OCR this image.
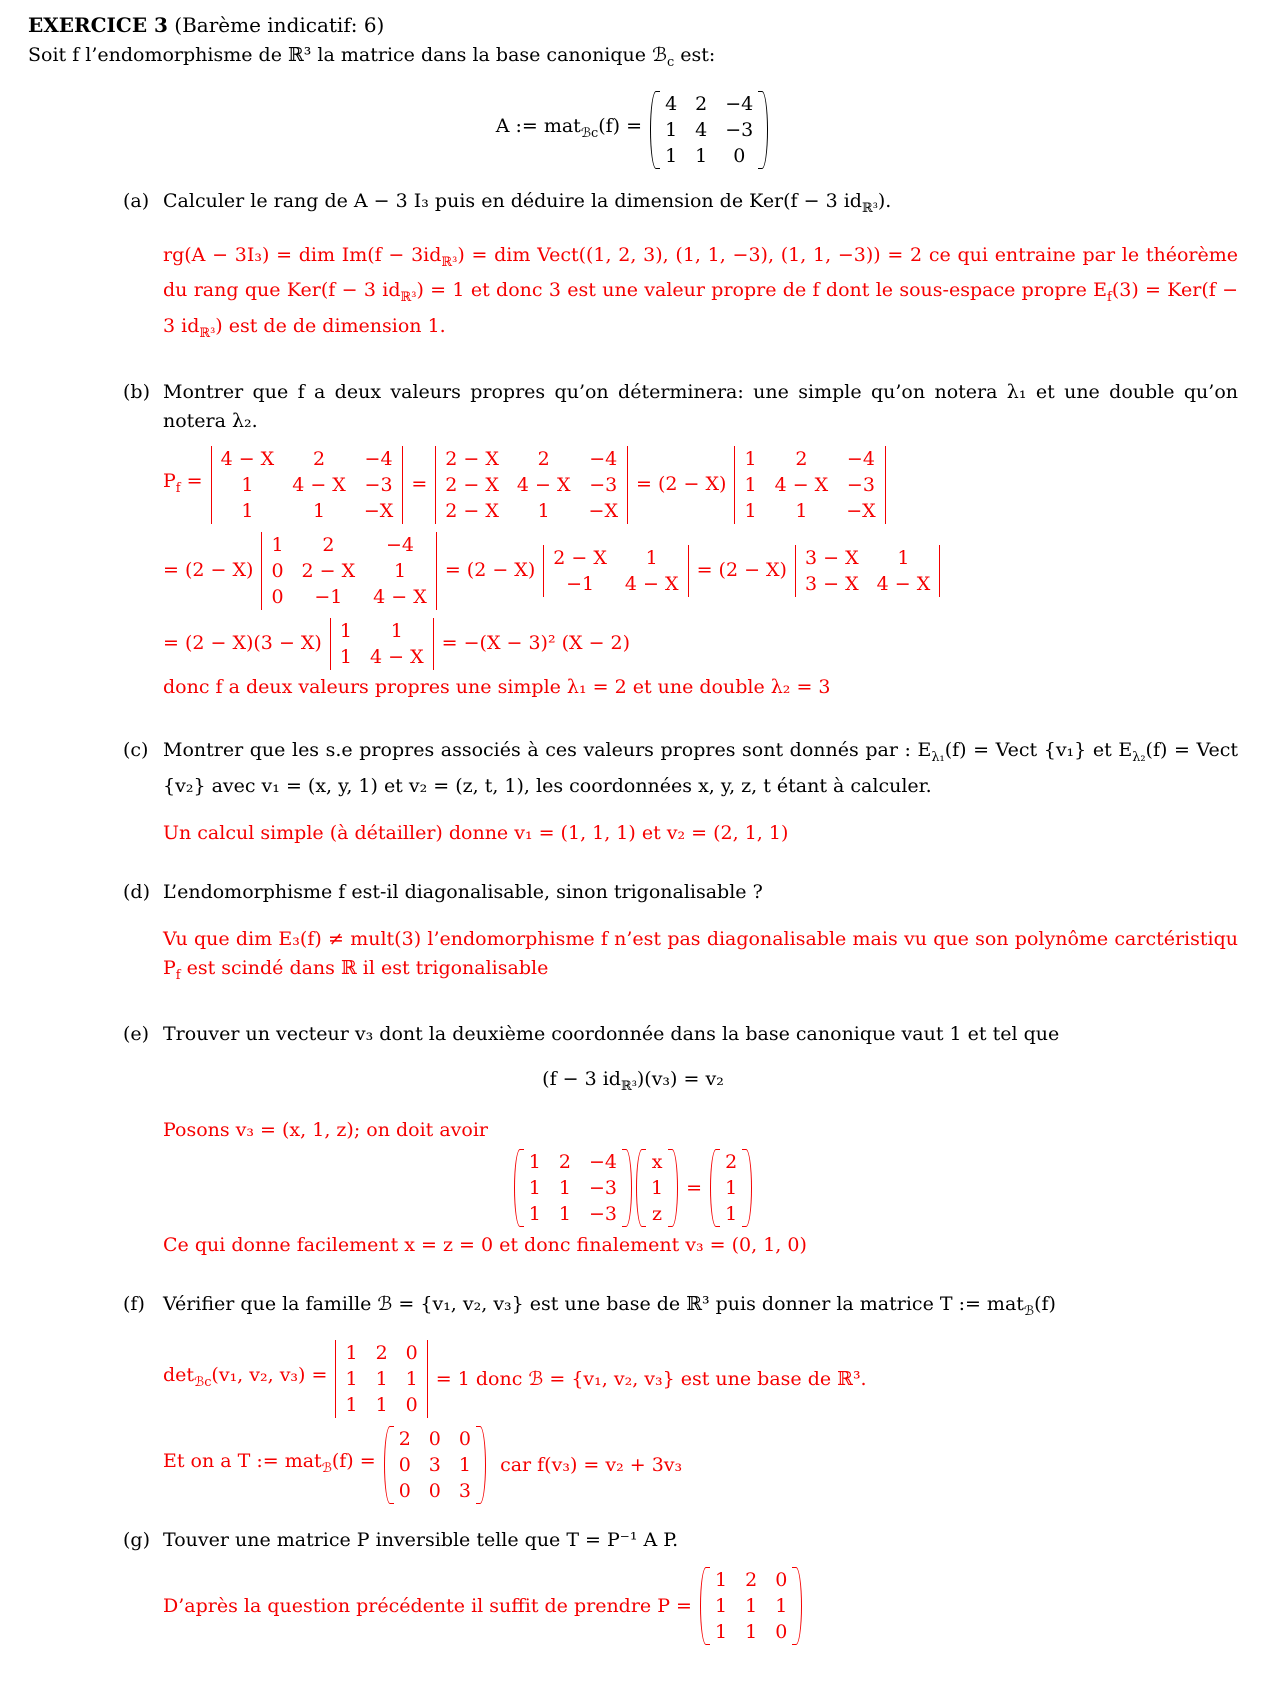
EXERCICE 3 (Barème indicatif: 6)

Soit f l’endomorphisme de ℝ³ la matrice dans la base canonique ℬ$_c$ est:

A := mat$_{ℬc}$(f) =
4	2	−4
1	4	−3
1	1	0
(a) Calculer le rang de A − 3 I₃ puis en déduire la dimension de Ker(f − 3 $id_{ℝ^3}$).

rg(A − 3I₃) = dim $Im(f - 3id_{ℝ^3})$ = dim Vect((1, 2, 3), (1, 1, −3), (1, 1, −3)) = 2 ce qui entraine par le théorème du rang que Ker(f − 3 $id_{ℝ^3}) = 1$ et donc 3 est une valeur propre de f dont le sous-espace propre $E_f(3) = Ker(f - 3$ $id_{ℝ^3}$) est de de dimension 1.

(b) Montrer que f a deux valeurs propres qu’on déterminera: une simple qu’on notera λ₁ et une double qu’on notera λ₂.
$P_f$ =
4 − X	2	−4
1	4 − X	−3
1	1	−X
=
2 − X	2	−4
2 − X	4 − X	−3
2 − X	1	−X
= (2 − X)
1	2	−4
1	4 − X	−3
1	1	−X
= (2 − X)
1	2	−4
0	2 − X	1
0	−1	4 − X
= (2 − X)
2 − X	1
−1	4 − X
= (2 − X)
3 − X	1
3 − X	4 − X
= (2 − X)(3 − X)
1	1
1	4 − X
= −(X − 3)² (X − 2)

donc f a deux valeurs propres une simple λ₁ = 2 et une double λ₂ = 3

(c) Montrer que les s.e propres associés à ces valeurs propres sont donnés par : $E_{\lambda_1}(f)$ = Vect {v₁} et $E_{\lambda_2}(f)$ = Vect {v₂} avec v₁ = (x, y, 1) et v₂ = (z, t, 1), les coordonnées x, y, z, t étant à calculer.

Un calcul simple (à détailler) donne v₁ = (1, 1, 1) et v₂ = (2, 1, 1)

(d) L’endomorphisme f est-il diagonalisable, sinon trigonalisable ?

Vu que dim E₃(f) ≠ mult(3) l’endomorphisme f n’est pas diagonalisable mais vu que son polynôme carctéristiqu $P_f$ est scindé dans ℝ il est trigonalisable

(e) Trouver un vecteur v₃ dont la deuxième coordonnée dans la base canonique vaut 1 et tel que

(f − 3 $id_{ℝ^3})(v_3) = v_2$

Posons v₃ = (x, 1, z); on doit avoir

1	2	−4
1	1	−3
1	1	−3
x
1
z
=
2
1
1

Ce qui donne facilement x = z = 0 et donc finalement v₃ = (0, 1, 0)

(f) Vérifier que la famille ℬ = {v₁, v₂, v₃} est une base de ℝ³ puis donner la matrice T := mat$_ℬ$(f)
$\det_{ℬc}(v_1$, v₂, v₃) =
1	2	0
1	1	1
1	1	0
= 1 donc ℬ = {v₁, v₂, v₃} est une base de ℝ³.
Et on a T := mat$_ℬ$(f) =
2	0	0
0	3	1
0	0	3
car f(v₃) = v₂ + 3v₃
(g) Touver une matrice P inversible telle que T = P⁻¹ A P.
D’après la question précédente il suffit de prendre P =
1	2	0
1	1	1
1	1	0
